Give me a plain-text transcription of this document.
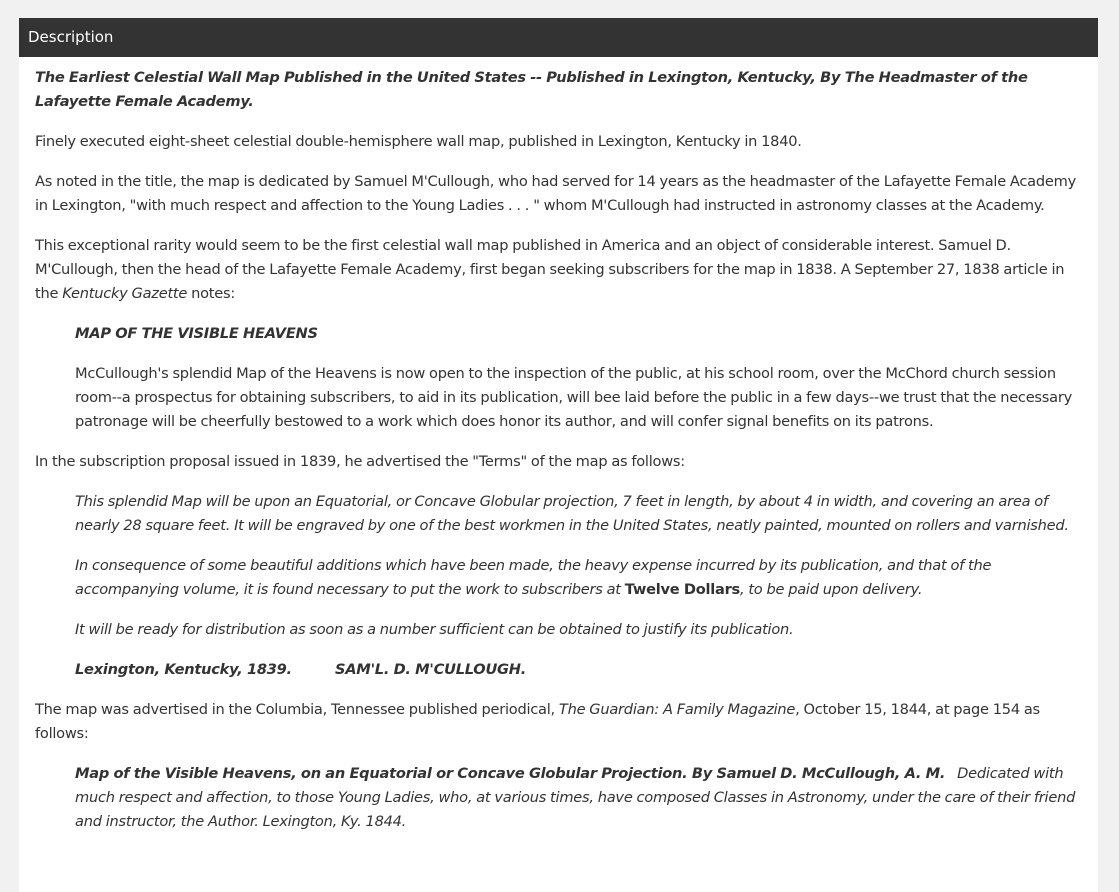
Description

The Earliest Celestial Wall Map Published in the United States -- Published in Lexington, Kentucky, By The Headmaster of the Lafayette Female Academy.

Finely executed eight-sheet celestial double-hemisphere wall map, published in Lexington, Kentucky in 1840.

As noted in the title, the map is dedicated by Samuel M'Cullough, who had served for 14 years as the headmaster of the Lafayette Female Academy in Lexington, "with much respect and affection to the Young Ladies . . . " whom M'Cullough had instructed in astronomy classes at the Academy.

This exceptional rarity would seem to be the first celestial wall map published in America and an object of considerable interest. Samuel D. M'Cullough, then the head of the Lafayette Female Academy, first began seeking subscribers for the map in 1838. A September 27, 1838 article in the Kentucky Gazette notes:

MAP OF THE VISIBLE HEAVENS

McCullough's splendid Map of the Heavens is now open to the inspection of the public, at his school room, over the McChord church session room--a prospectus for obtaining subscribers, to aid in its publication, will bee laid before the public in a few days--we trust that the necessary patronage will be cheerfully bestowed to a work which does honor its author, and will confer signal benefits on its patrons.

In the subscription proposal issued in 1839, he advertised the "Terms" of the map as follows:

This splendid Map will be upon an Equatorial, or Concave Globular projection, 7 feet in length, by about 4 in width, and covering an area of nearly 28 square feet. It will be engraved by one of the best workmen in the United States, neatly painted, mounted on rollers and varnished.

In consequence of some beautiful additions which have been made, the heavy expense incurred by its publication, and that of the accompanying volume, it is found necessary to put the work to subscribers at Twelve Dollars, to be paid upon delivery.

It will be ready for distribution as soon as a number sufficient can be obtained to justify its publication.

Lexington, Kentucky, 1839.	SAM'L. D. M'CULLOUGH.

The map was advertised in the Columbia, Tennessee published periodical, The Guardian: A Family Magazine, October 15, 1844, at page 154 as follows:

Map of the Visible Heavens, on an Equatorial or Concave Globular Projection. By Samuel D. McCullough, A. M.   Dedicated with much respect and affection, to those Young Ladies, who, at various times, have composed Classes in Astronomy, under the care of their friend and instructor, the Author. Lexington, Ky. 1844.
